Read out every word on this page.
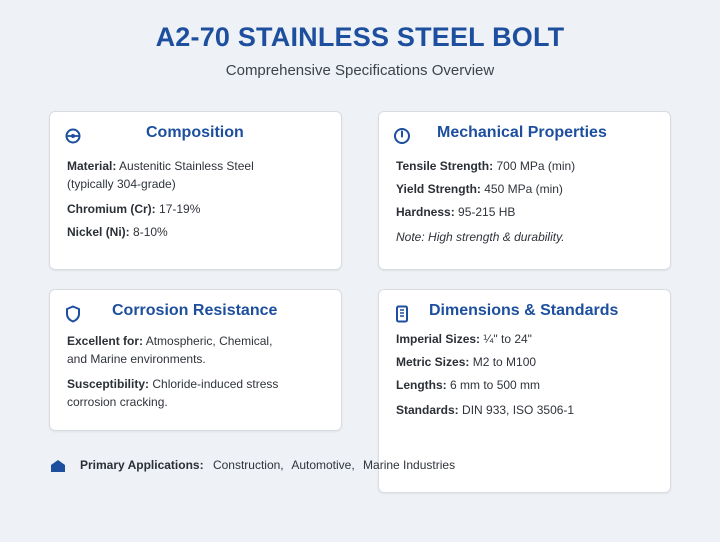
A2-70 STAINLESS STEEL BOLT
Comprehensive Specifications Overview
Composition
Material: Austenitic Stainless Steel
(typically 304-grade)
Chromium (Cr): 17-19%
Nickel (Ni): 8-10%
Mechanical Properties
Tensile Strength: 700 MPa (min)
Yield Strength: 450 MPa (min)
Hardness: 95-215 HB
Note: High strength & durability.
Corrosion Resistance
Excellent for: Atmospheric, Chemical,
and Marine environments.
Susceptibility: Chloride-induced stress
corrosion cracking.
Dimensions & Standards
Imperial Sizes: ¼" to 24"
Metric Sizes: M2 to M100
Lengths: 6 mm to 500 mm
Standards: DIN 933, ISO 3506-1
Primary Applications: Construction, Automotive, Marine Industries
